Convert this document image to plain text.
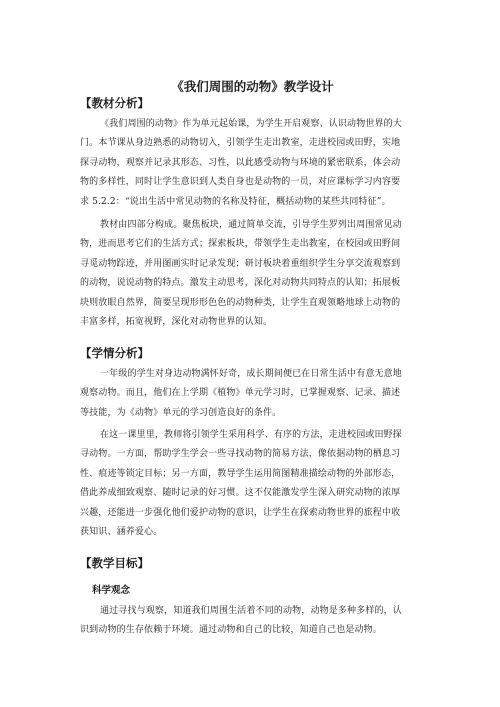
《我们周围的动物》教学设计
【教材分析】

《我们周围的动物》作为单元起始课，为学生开启观察、认识动物世界的大
门。本节课从身边熟悉的动物切入，引领学生走出教室，走进校园或田野，实地
探寻动物，观察并记录其形态、习性，以此感受动物与环境的紧密联系，体会动
物的多样性，同时让学生意识到人类自身也是动物的一员，对应课标学习内容要
求 5.2.2：“说出生活中常见动物的名称及特征，概括动物的某些共同特征”。

教材由四部分构成。聚焦板块，通过简单交流，引导学生罗列出周围常见动
物，进而思考它们的生活方式；探索板块，带领学生走出教室，在校园或田野间
寻觅动物踪迹，并用图画实时记录发现；研讨板块着重组织学生分享交流观察到
的动物，说说动物的特点。激发主动思考，深化对动物共同特点的认知；拓展板
块则放眼自然界，简要呈现形形色色的动物种类，让学生直观领略地球上动物的
丰富多样，拓宽视野，深化对动物世界的认知。

【学情分析】

一年级的学生对身边动物满怀好奇，成长期间便已在日常生活中有意无意地
观察动物。而且，他们在上学期《植物》单元学习时，已掌握观察、记录、描述
等技能，为《动物》单元的学习创造良好的条件。

在这一课里里，教师将引领学生采用科学、有序的方法，走进校园或田野探
寻动物。一方面，帮助学生学会一些寻找动物的简易方法，像依据动物的栖息习
性、痕迹等锁定目标；另一方面，教导学生运用简图精准描绘动物的外部形态，
借此养成细致观察、随时记录的好习惯。这不仅能激发学生深入研究动物的浓厚
兴趣，还能进一步强化他们爱护动物的意识，让学生在探索动物世界的旅程中收
获知识、涵养爱心。

【教学目标】
科学观念

通过寻找与观察，知道我们周围生活着不同的动物，动物是多种多样的，认
识到动物的生存依赖于环境。通过动物和自己的比较，知道自己也是动物。
